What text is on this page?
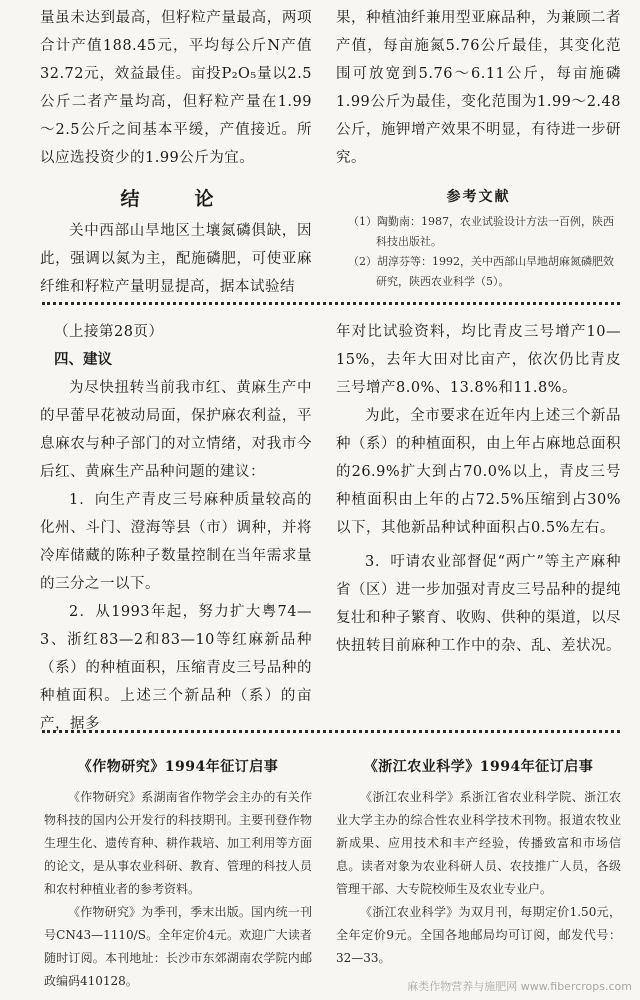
量虽未达到最高，但籽粒产量最高，两项合计产值188.45元，平均每公斤N产值32.72元，效益最佳。亩投P₂O₅量以2.5公斤二者产量均高，但籽粒产量在1.99～2.5公斤之间基本平缓，产值接近。所以应选投资少的1.99公斤为宜。

结　论

关中西部山旱地区土壤氮磷俱缺，因此，强调以氮为主，配施磷肥，可使亚麻纤维和籽粒产量明显提高，据本试验结

果，种植油纤兼用型亚麻品种，为兼顾二者产值，每亩施氮5.76公斤最佳，其变化范围可放宽到5.76～6.11公斤，每亩施磷1.99公斤为最佳，变化范围为1.99～2.48公斤，施钾增产效果不明显，有待进一步研究。

参考文献

（1）陶勤南：1987，农业试验设计方法一百例，陕西科技出版社。

（2）胡淳芬等：1992，关中西部山旱地胡麻氮磷肥效研究，陕西农业科学（5）。

（上接第28页）

四、建议

为尽快扭转当前我市红、黄麻生产中的早蕾早花被动局面，保护麻农利益，平息麻农与种子部门的对立情绪，对我市今后红、黄麻生产品种问题的建议：

1．向生产青皮三号麻种质量较高的化州、斗门、澄海等县（市）调种，并将冷库储藏的陈种子数量控制在当年需求量的三分之一以下。

2．从1993年起，努力扩大粤74—3、浙红83—2和83—10等红麻新品种（系）的种植面积，压缩青皮三号品种的种植面积。上述三个新品种（系）的亩产，据多

年对比试验资料，均比青皮三号增产10—15%，去年大田对比亩产，依次仍比青皮三号增产8.0%、13.8%和11.8%。

为此，全市要求在近年内上述三个新品种（系）的种植面积，由上年占麻地总面积的26.9%扩大到占70.0%以上，青皮三号种植面积由上年的占72.5%压缩到占30%以下，其他新品种试种面积占0.5%左右。

3．吁请农业部督促“两广”等主产麻种省（区）进一步加强对青皮三号品种的提纯复壮和种子繁育、收购、供种的渠道，以尽快扭转目前麻种工作中的杂、乱、差状况。

《作物研究》1994年征订启事

《作物研究》系湖南省作物学会主办的有关作物科技的国内公开发行的科技期刊。主要刊登作物生理生化、遗传育种、耕作栽培、加工利用等方面的论文，是从事农业科研、教育、管理的科技人员和农村种植业者的参考资料。

《作物研究》为季刊，季末出版。国内统一刊号CN43—1110/S。全年定价4元。欢迎广大读者随时订阅。本刊地址：长沙市东郊湖南农学院内邮政编码410128。

《浙江农业科学》1994年征订启事

《浙江农业科学》系浙江省农业科学院、浙江农业大学主办的综合性农业科学技术刊物。报道农牧业新成果、应用技术和丰产经验，传播致富和市场信息。读者对象为农业科研人员、农技推广人员，各级管理干部、大专院校师生及农业专业户。

《浙江农业科学》为双月刊，每期定价1.50元，全年定价9元。全国各地邮局均可订阅，邮发代号：32—33。

麻类作物营养与施肥网 www.fibercrops.com
